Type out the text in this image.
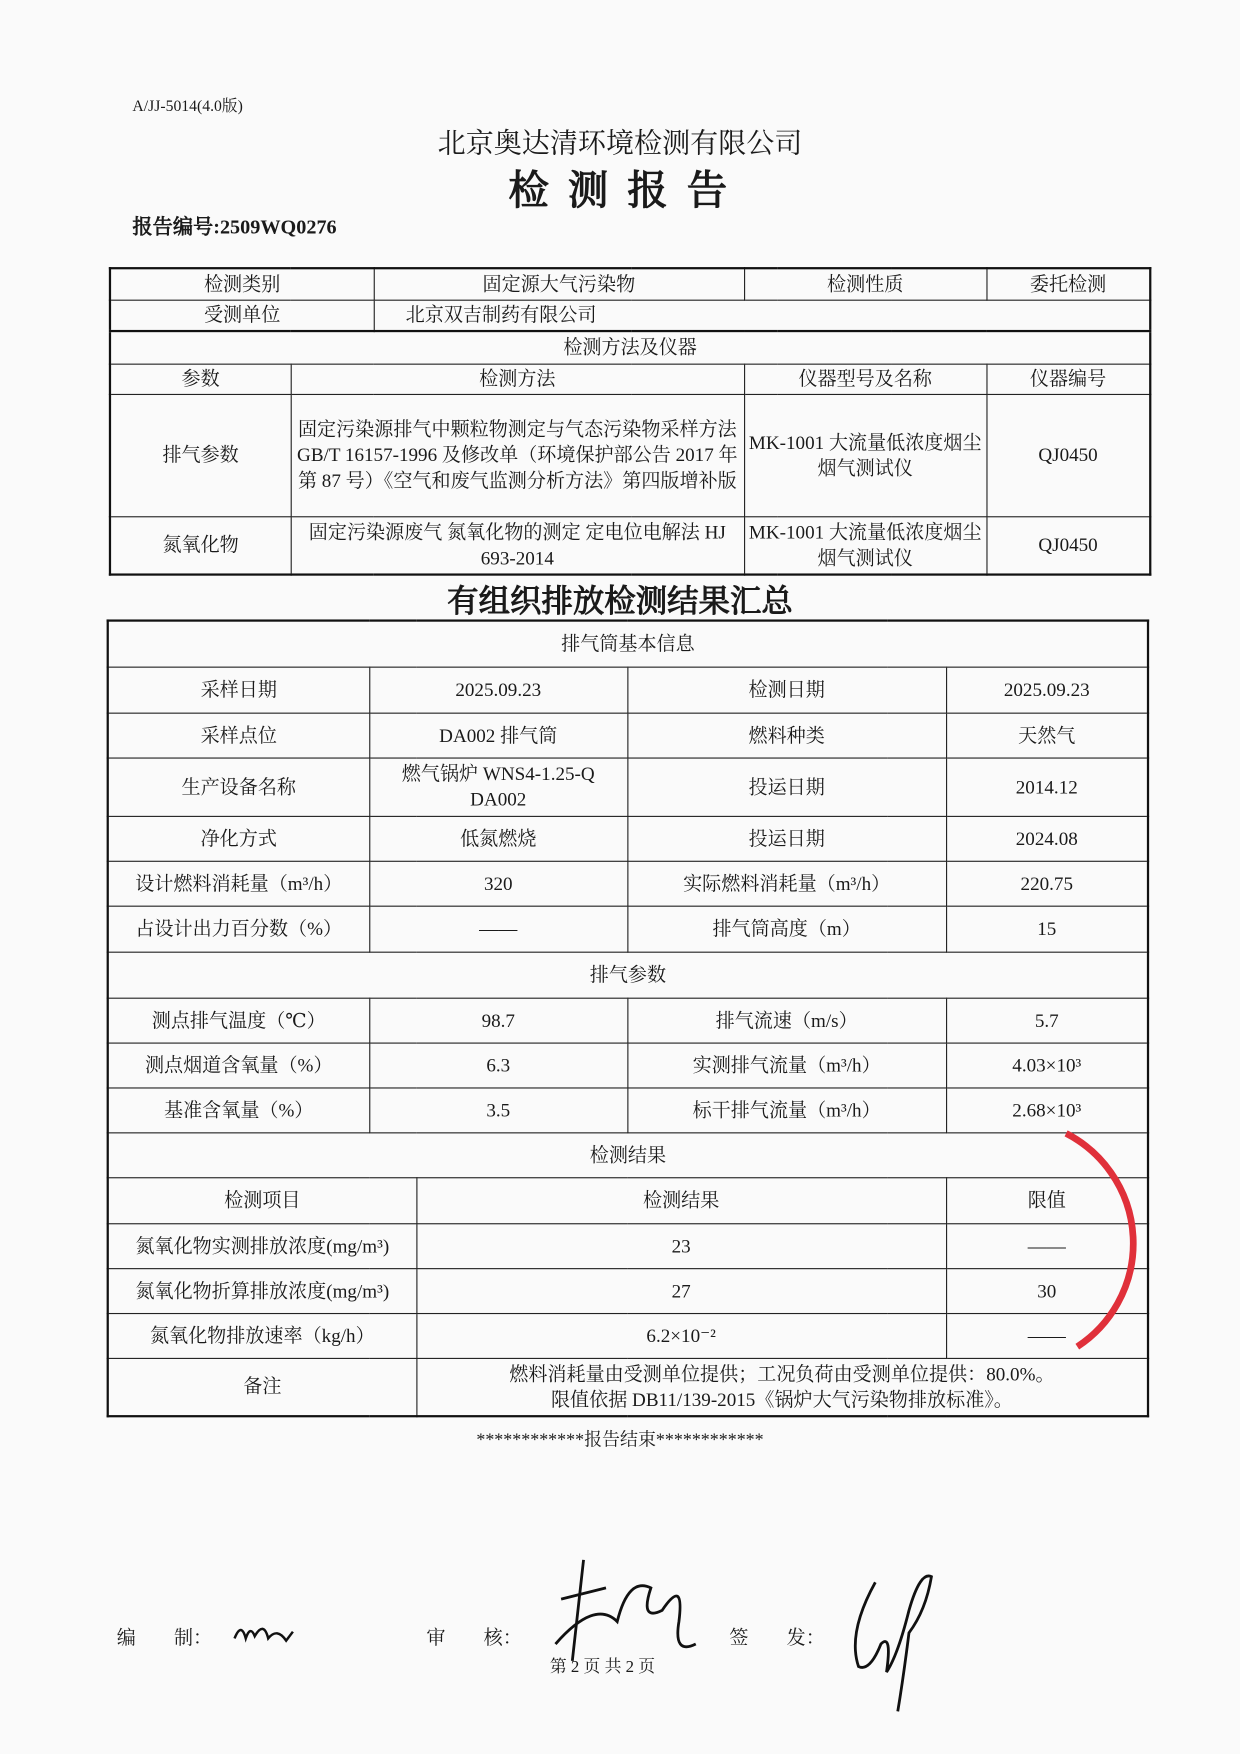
A/JJ-5014(4.0版)
北京奥达清环境检测有限公司
检 测 报 告
报告编号:2509WQ0276
检测类别		固定源大气污染物	检测性质	委托检测
受测单位		北京双吉制药有限公司		
检测方法及仪器				
参数	检测方法		仪器型号及名称	仪器编号
排气参数	固定污染源排气中颗粒物测定与气态污染物采样方法 GB/T 16157-1996 及修改单（环境保护部公告 2017 年第 87 号）《空气和废气监测分析方法》第四版增补版		MK-1001 大流量低浓度烟尘烟气测试仪	QJ0450
氮氧化物	固定污染源废气 氮氧化物的测定 定电位电解法 HJ 693-2014		MK-1001 大流量低浓度烟尘烟气测试仪	QJ0450
有组织排放检测结果汇总
排气筒基本信息				
采样日期	2025.09.23		检测日期	2025.09.23
采样点位	DA002 排气筒		燃料种类	天然气
生产设备名称	燃气锅炉 WNS4-1.25-Q　DA002		投运日期	2014.12
净化方式	低氮燃烧		投运日期	2024.08
设计燃料消耗量（m³/h）	320		实际燃料消耗量（m³/h）	220.75
占设计出力百分数（%）	——		排气筒高度（m）	15
排气参数				
测点排气温度（℃）	98.7		排气流速（m/s）	5.7
测点烟道含氧量（%）	6.3		实测排气流量（m³/h）	4.03×10³
基准含氧量（%）	3.5		标干排气流量（m³/h）	2.68×10³
检测结果				
检测项目		检测结果		限值
氮氧化物实测排放浓度(mg/m³)		23		——
氮氧化物折算排放浓度(mg/m³)		27		30
氮氧化物排放速率（kg/h）		6.2×10⁻²		——
备注		燃料消耗量由受测单位提供；工况负荷由受测单位提供：80.0%。
限值依据 DB11/139-2015《锅炉大气污染物排放标准》。		
************报告结束************
编　　制：	审　　核：	签　　发：
第 2 页 共 2 页
